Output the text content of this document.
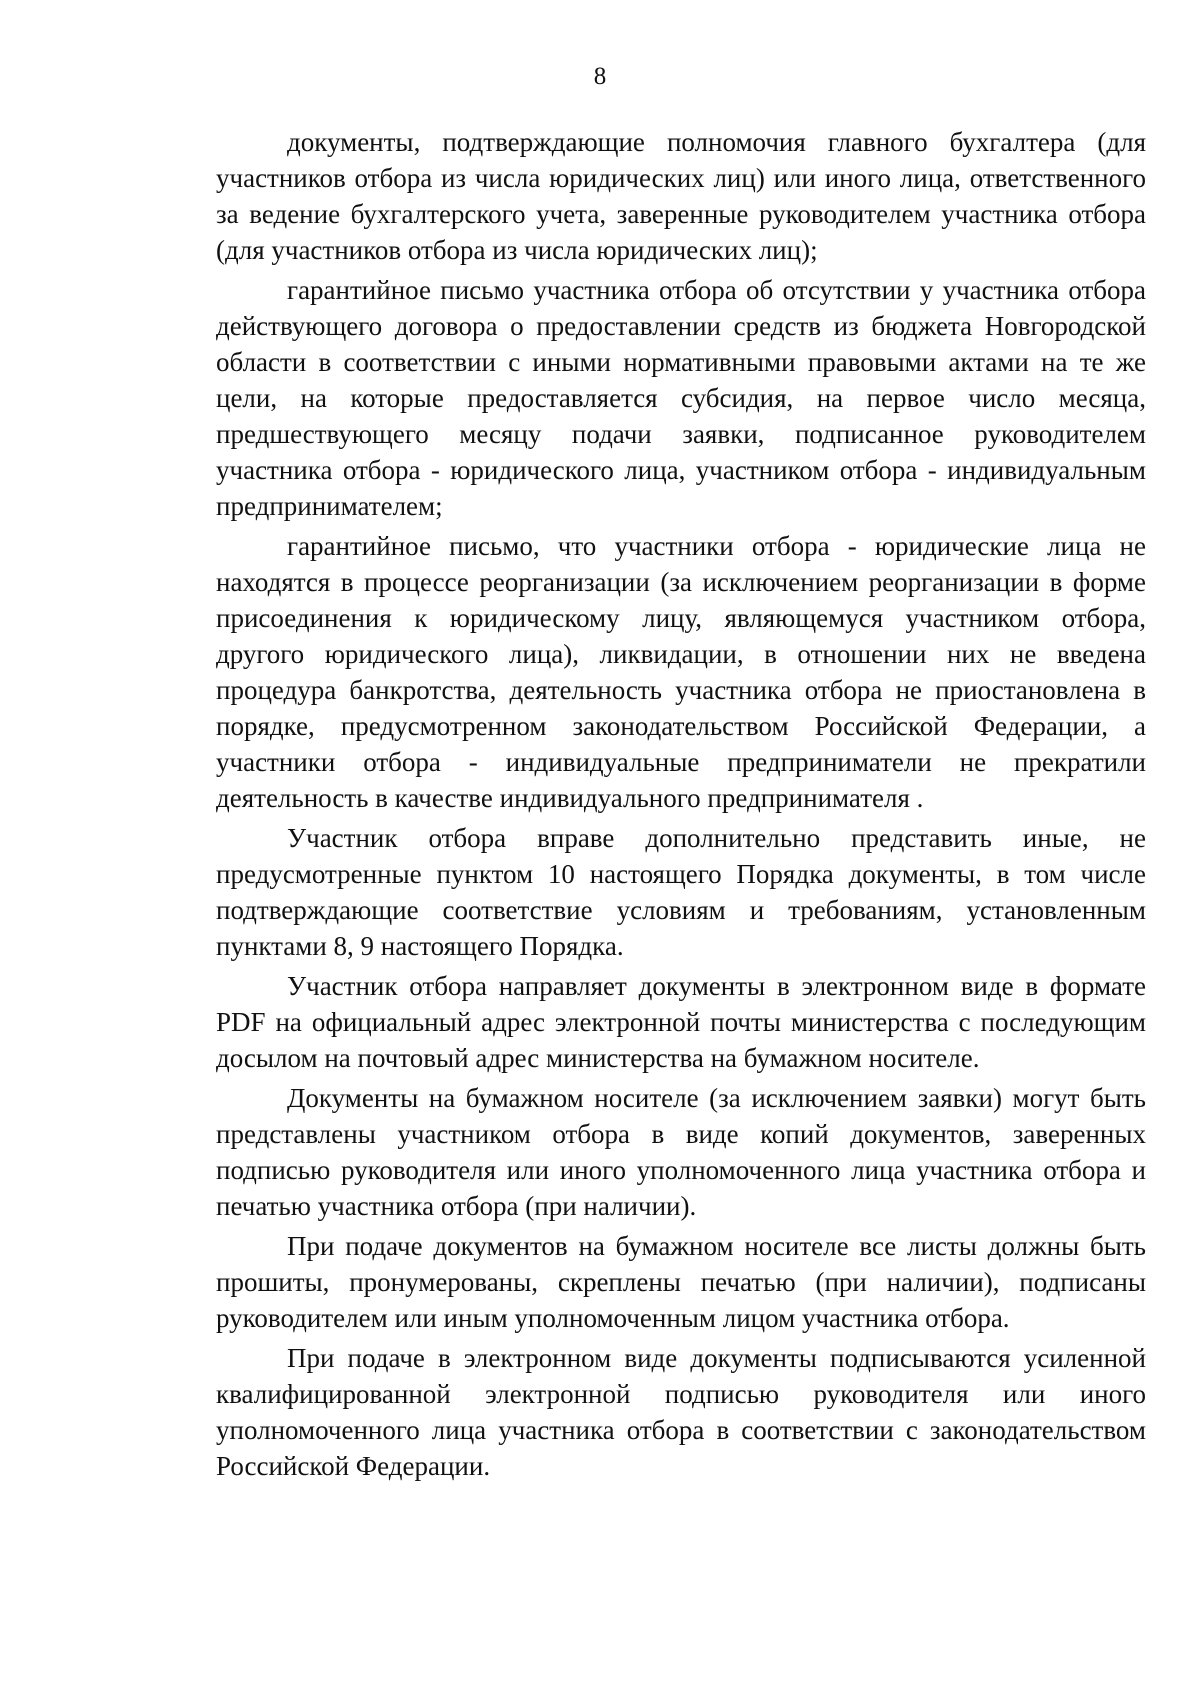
8

документы, подтверждающие полномочия главного бухгалтера (для участников отбора из числа юридических лиц) или иного лица, ответственного за ведение бухгалтерского учета, заверенные руководителем участника отбора (для участников отбора из числа юридических лиц);

гарантийное письмо участника отбора об отсутствии у участника отбора действующего договора о предоставлении средств из бюджета Новгородской области в соответствии с иными нормативными правовыми актами на те же цели, на которые предоставляется субсидия, на первое число месяца, предшествующего месяцу подачи заявки, подписанное руководителем участника отбора - юридического лица, участником отбора - индивидуальным предпринимателем;

гарантийное письмо, что участники отбора - юридические лица не находятся в процессе реорганизации (за исключением реорганизации в форме присоединения к юридическому лицу, являющемуся участником отбора, другого юридического лица), ликвидации, в отношении них не введена процедура банкротства, деятельность участника отбора не приостановлена в порядке, предусмотренном законодательством Российской Федерации, а участники отбора - индивидуальные предприниматели не прекратили деятельность в качестве индивидуального предпринимателя .

Участник отбора вправе дополнительно представить иные, не предусмотренные пунктом 10 настоящего Порядка документы, в том числе подтверждающие соответствие условиям и требованиям, установленным пунктами 8, 9 настоящего Порядка.

Участник отбора направляет документы в электронном виде в формате PDF на официальный адрес электронной почты министерства с последующим досылом на почтовый адрес министерства на бумажном носителе.

Документы на бумажном носителе (за исключением заявки) могут быть представлены участником отбора в виде копий документов, заверенных подписью руководителя или иного уполномоченного лица участника отбора и печатью участника отбора (при наличии).

При подаче документов на бумажном носителе все листы должны быть прошиты, пронумерованы, скреплены печатью (при наличии), подписаны руководителем или иным уполномоченным лицом участника отбора.

При подаче в электронном виде документы подписываются усиленной квалифицированной электронной подписью руководителя или иного уполномоченного лица участника отбора в соответствии с законодательством Российской Федерации.
